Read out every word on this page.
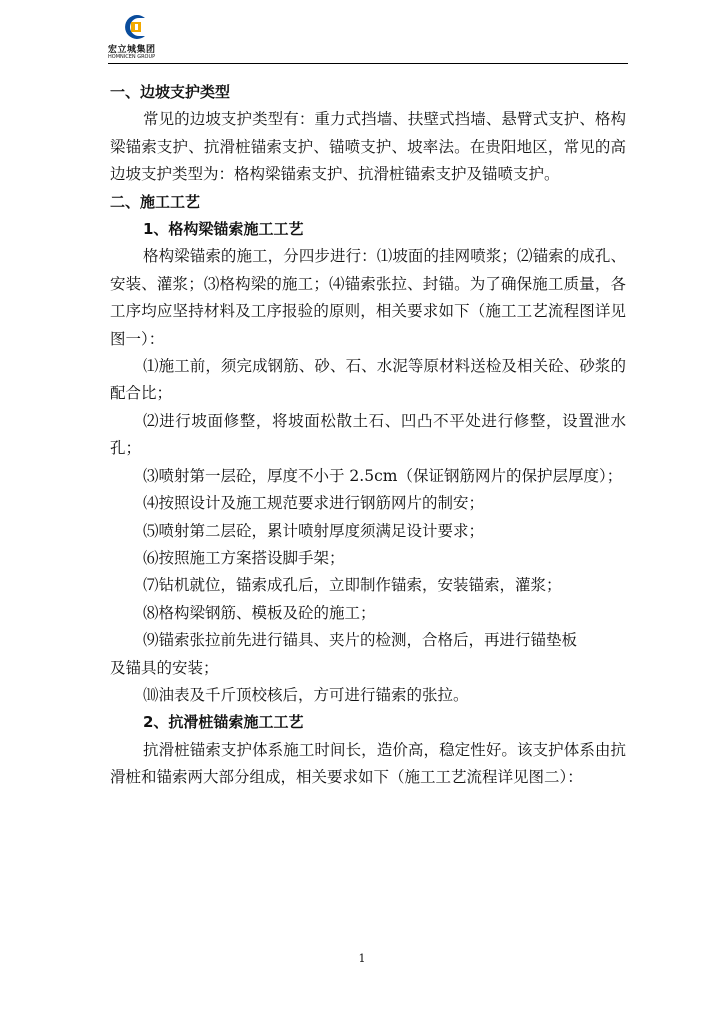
宏立城集团
HOMNICEN GROUP

一、边坡支护类型

常见的边坡支护类型有：重力式挡墙、扶壁式挡墙、悬臂式支护、格构梁锚索支护、抗滑桩锚索支护、锚喷支护、坡率法。在贵阳地区，常见的高边坡支护类型为：格构梁锚索支护、抗滑桩锚索支护及锚喷支护。

二、施工工艺

1、格构梁锚索施工工艺

格构梁锚索的施工，分四步进行：⑴坡面的挂网喷浆；⑵锚索的成孔、安装、灌浆；⑶格构梁的施工；⑷锚索张拉、封锚。为了确保施工质量，各工序均应坚持材料及工序报验的原则，相关要求如下（施工工艺流程图详见图一）：

⑴施工前，须完成钢筋、砂、石、水泥等原材料送检及相关砼、砂浆的配合比；

⑵进行坡面修整，将坡面松散土石、凹凸不平处进行修整，设置泄水孔；

⑶喷射第一层砼，厚度不小于 2.5cm（保证钢筋网片的保护层厚度）；

⑷按照设计及施工规范要求进行钢筋网片的制安；

⑸喷射第二层砼，累计喷射厚度须满足设计要求；

⑹按照施工方案搭设脚手架；

⑺钻机就位，锚索成孔后，立即制作锚索，安装锚索，灌浆；

⑻格构梁钢筋、模板及砼的施工；

⑼锚索张拉前先进行锚具、夹片的检测，合格后，再进行锚垫板

及锚具的安装；

⑽油表及千斤顶校核后，方可进行锚索的张拉。

2、抗滑桩锚索施工工艺

抗滑桩锚索支护体系施工时间长，造价高，稳定性好。该支护体系由抗滑桩和锚索两大部分组成，相关要求如下（施工工艺流程详见图二）：

1
